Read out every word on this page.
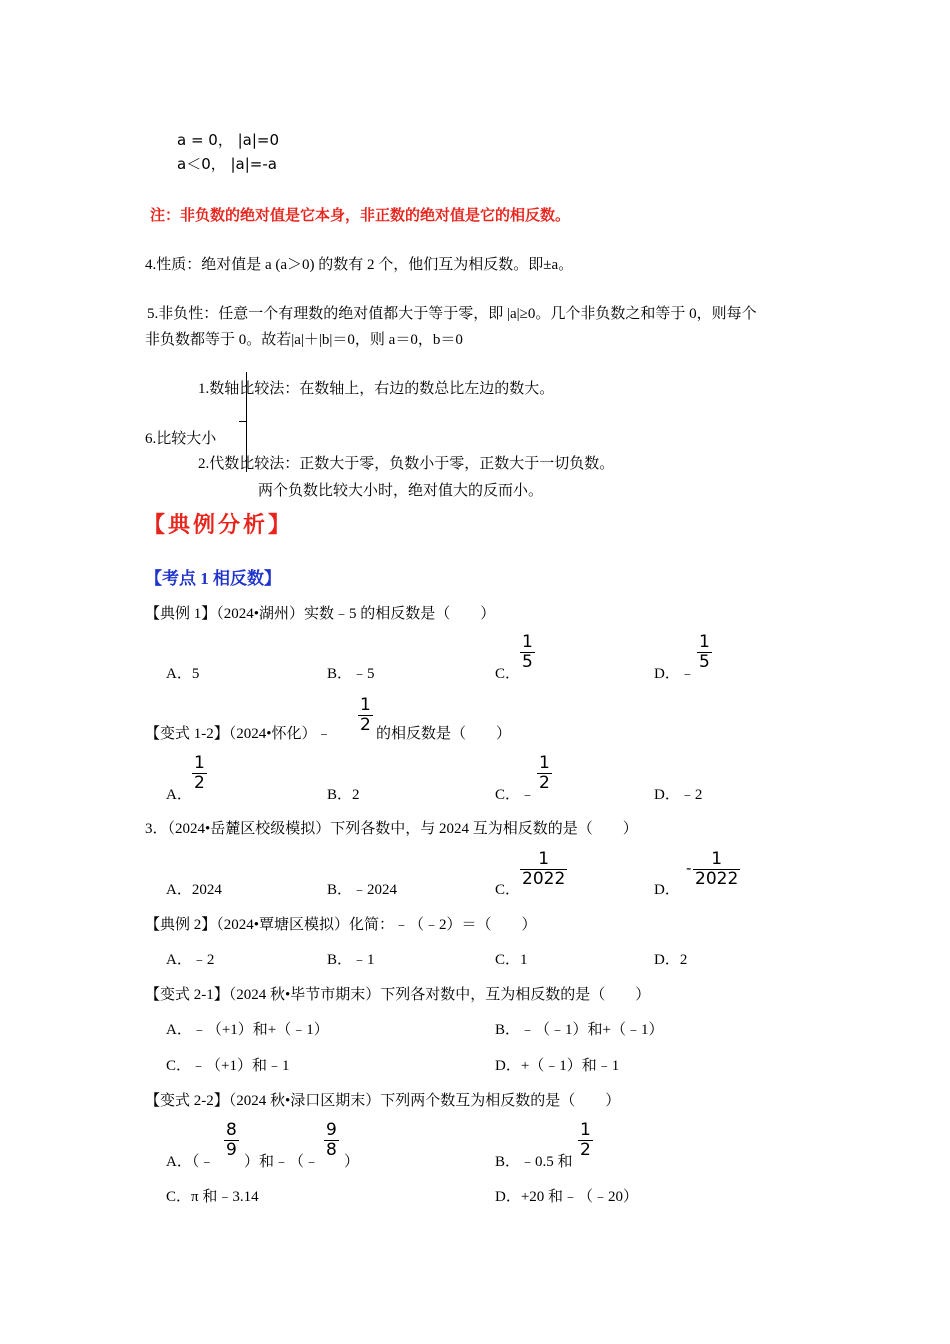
a = 0， |a|=0
a＜0， |a|=-a
注：非负数的绝对值是它本身，非正数的绝对值是它的相反数。
4.性质：绝对值是 a (a＞0) 的数有 2 个，他们互为相反数。即±a。
5.非负性：任意一个有理数的绝对值都大于等于零，即 |a|≥0。几个非负数之和等于 0，则每个
非负数都等于 0。故若|a|＋|b|＝0，则 a＝0，b＝0
1.数轴比较法：在数轴上，右边的数总比左边的数大。
6.比较大小
2.代数比较法：正数大于零，负数小于零，正数大于一切负数。
两个负数比较大小时，绝对值大的反而小。
【典例分析】
【考点 1 相反数】
【典例 1】（2024•湖州）实数﹣5 的相反数是（　　）
A．5	B．﹣5	C．
$\frac{1}{5}$
D．﹣
$\frac{1}{5}$
【变式 1-2】（2024•怀化）﹣ $\frac{1}{2}$ 的相反数是（　　）
A．
$\frac{1}{2}$
B．2	C．﹣
$\frac{1}{2}$
D．﹣2
3．（2024•岳麓区校级模拟）下列各数中，与 2024 互为相反数的是（　　）
A．2024	B．﹣2024	C．
$\frac{1}{2022}$
D．
- $\frac{1}{2022}$
【典例 2】（2024•覃塘区模拟）化简：﹣（﹣2）＝（　　）
A．﹣2	B．﹣1	C．1	D．2
【变式 2-1】（2024 秋•毕节市期末）下列各对数中，互为相反数的是（　　）
A．﹣（+1）和+（﹣1）	B．﹣（﹣1）和+（﹣1）
C．﹣（+1）和﹣1	D．+（﹣1）和﹣1
【变式 2-2】（2024 秋•渌口区期末）下列两个数互为相反数的是（　　）
A．（﹣
$\frac{8}{9}$
）和﹣（﹣
$\frac{9}{8}$
）	B．﹣0.5 和
$\frac{1}{2}$
C．π 和﹣3.14	D．+20 和﹣（﹣20）
